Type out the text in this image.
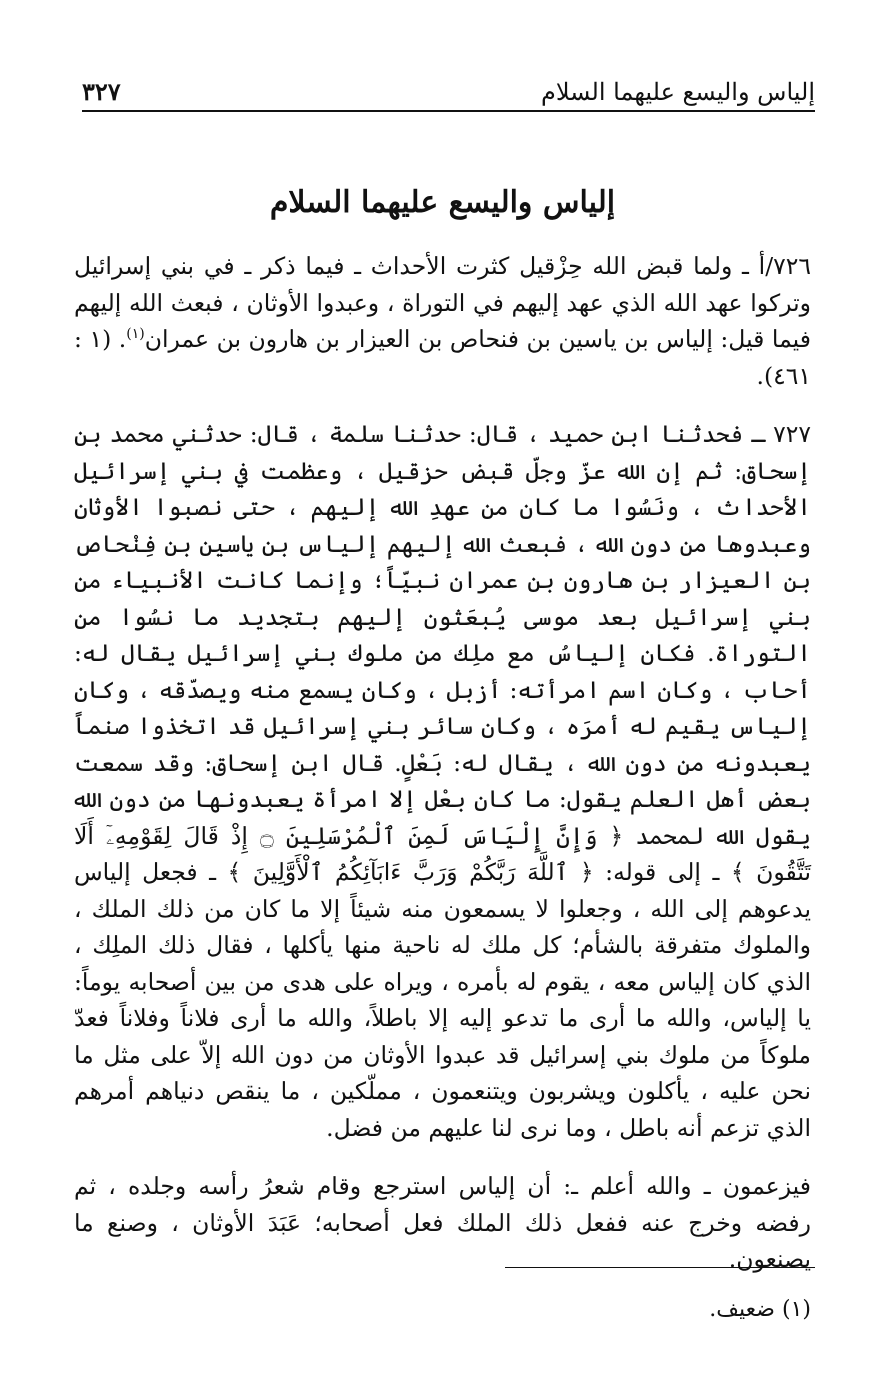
إلياس واليسع عليهما السلام
٣٢٧
إلياس واليسع عليهما السلام

٧٢٦/أ ـ ولما قبض الله حِزْقيل كثرت الأحداث ـ فيما ذكر ـ في بني إسرائيل وتركوا عهد الله الذي عهد إليهم في التوراة ، وعبدوا الأوثان ، فبعث الله إليهم فيما قيل: إلياس بن ياسين بن فنحاص بن العيزار بن هارون بن عمران$^{(١)}$. (١ : ٤٦١).

٧٢٧ ـ فحدثنا ابن حميد ، قال: حدثنا سلمة ، قال: حدثني محمد بن إسحاق: ثم إن الله عزّ وجلّ قبض حزقيل ، وعظمت في بني إسرائيل الأحداث ، ونَسُوا ما كان من عهدِ الله إليهم ، حتى نصبوا الأوثان وعبدوها من دون الله ، فبعث الله إليهم إلياس بن ياسين بن فِنْحاص بن العيزار بن هارون بن عمران نبيّاً؛ وإنما كانت الأنبياء من بني إسرائيل بعد موسى يُبعَثون إليهم بتجديد ما نسُوا من التوراة. فكان إلياسُ مع ملِك من ملوك بني إسرائيل يقال له: أحاب ، وكان اسم امرأته: أزبل ، وكان يسمع منه ويصدّقه ، وكان إلياس يقيم له أمرَه ، وكان سائر بني إسرائيل قد اتخذوا صنماً يعبدونه من دون الله ، يقال له: بَعْلٍ. قال ابن إسحاق: وقد سمعت بعض أهل العلم يقول: ما كان بعْل إلا امرأة يعبدونها من دون الله يقول الله لمحمد ﴿ وَإِنَّ إِلْيَاسَ لَمِنَ ٱلْمُرْسَلِينَ ۝ إِذْ قَالَ لِقَوْمِهِۦٓ أَلَا تَتَّقُونَ ﴾ ـ إلى قوله: ﴿ ٱللَّهَ رَبَّكُمْ وَرَبَّ ءَابَآئِكُمُ ٱلْأَوَّلِينَ ﴾ ـ فجعل إلياس يدعوهم إلى الله ، وجعلوا لا يسمعون منه شيئاً إلا ما كان من ذلك الملك ، والملوك متفرقة بالشأم؛ كل ملك له ناحية منها يأكلها ، فقال ذلك الملِك ، الذي كان إلياس معه ، يقوم له بأمره ، ويراه على هدى من بين أصحابه يوماً: يا إلياس، والله ما أرى ما تدعو إليه إلا باطلاً، والله ما أرى فلاناً وفلاناً فعدّ ملوكاً من ملوك بني إسرائيل قد عبدوا الأوثان من دون الله إلاّ على مثل ما نحن عليه ، يأكلون ويشربون ويتنعمون ، مملّكين ، ما ينقص دنياهم أمرهم الذي تزعم أنه باطل ، وما نرى لنا عليهم من فضل.

فيزعمون ـ والله أعلم ـ: أن إلياس استرجع وقام شعرُ رأسه وجلده ، ثم رفضه وخرج عنه ففعل ذلك الملك فعل أصحابه؛ عَبَدَ الأوثان ، وصنع ما يصنعون.

(١) ضعيف.
